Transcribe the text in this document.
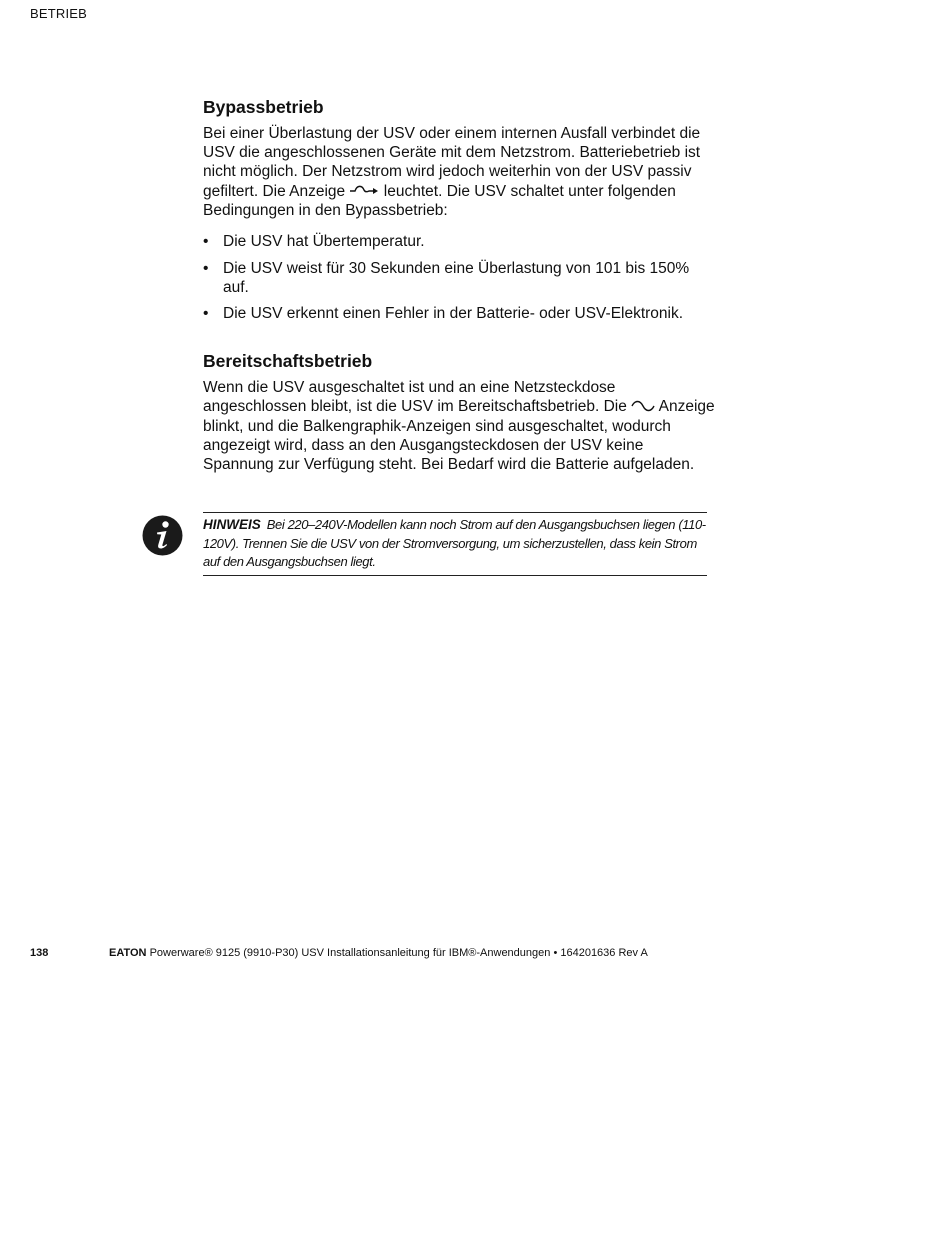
BETRIEB
Bypassbetrieb

Bei einer Überlastung der USV oder einem internen Ausfall verbindet die USV die angeschlossenen Geräte mit dem Netzstrom. Batteriebetrieb ist nicht möglich. Der Netzstrom wird jedoch weiterhin von der USV passiv gefiltert. Die Anzeige leuchtet. Die USV schaltet unter folgenden Bedingungen in den Bypassbetrieb:

• Die USV hat Übertemperatur.
• Die USV weist für 30 Sekunden eine Überlastung von 101 bis 150% auf.
• Die USV erkennt einen Fehler in der Batterie- oder USV-Elektronik.
Bereitschaftsbetrieb

Wenn die USV ausgeschaltet ist und an eine Netzsteckdose angeschlossen bleibt, ist die USV im Bereitschaftsbetrieb. Die Anzeige blinkt, und die Balkengraphik-Anzeigen sind ausgeschaltet, wodurch angezeigt wird, dass an den Ausgangsteckdosen der USV keine Spannung zur Verfügung steht. Bei Bedarf wird die Batterie aufgeladen.

HINWEIS Bei 220–240V-Modellen kann noch Strom auf den Ausgangsbuchsen liegen (110-120V). Trennen Sie die USV von der Stromversorgung, um sicherzustellen, dass kein Strom auf den Ausgangsbuchsen liegt.
138	EATON Powerware® 9125 (9910-P30) USV Installationsanleitung für IBM®-Anwendungen • 164201636 Rev A
